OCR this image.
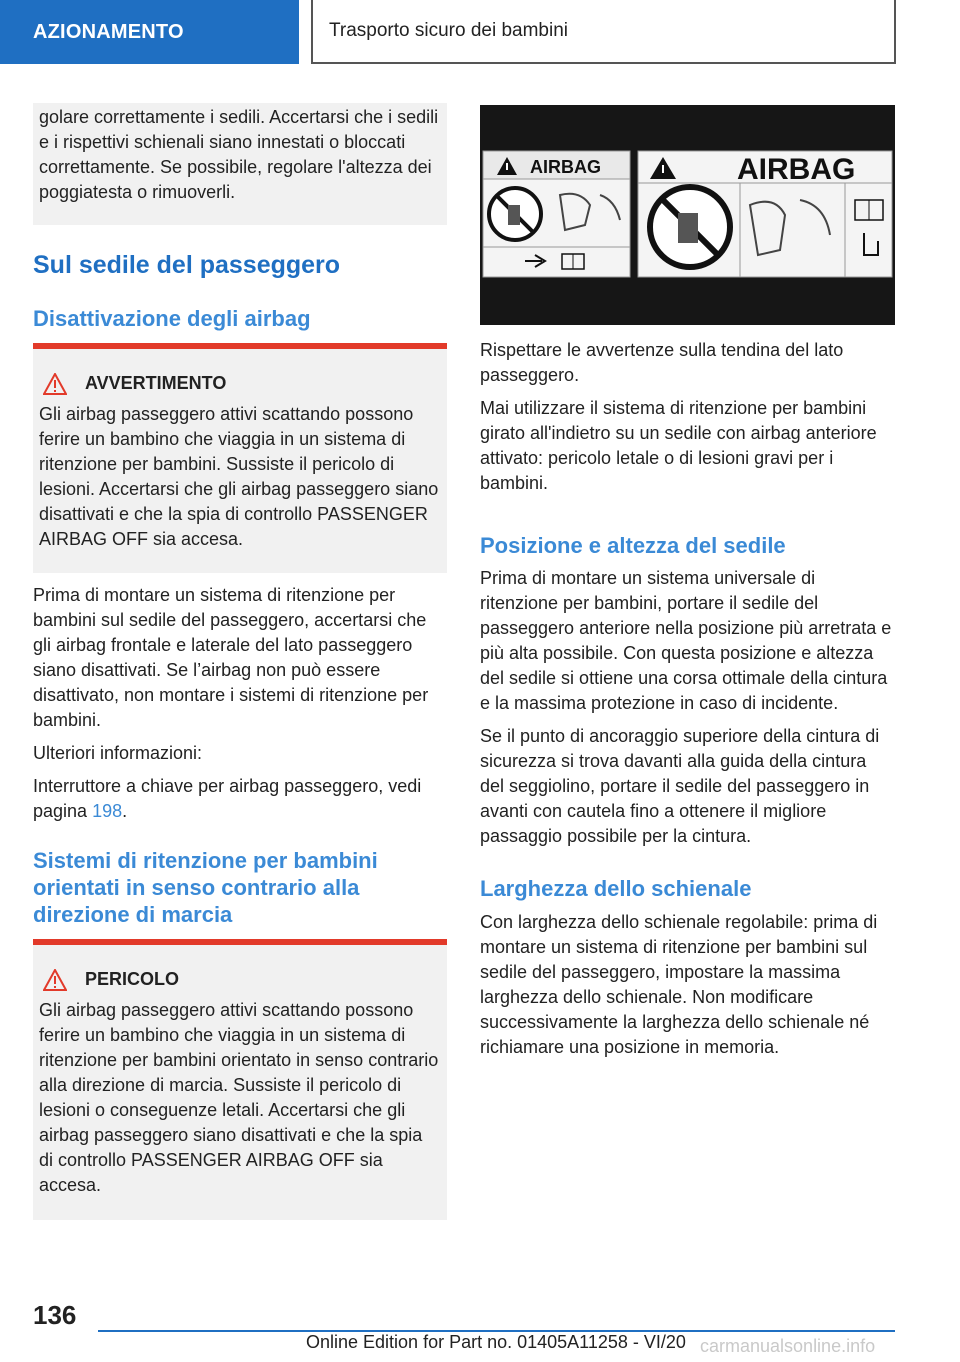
AZIONAMENTO	Trasporto sicuro dei bambini

golare correttamente i sedili. Accertarsi che i sedili e i rispettivi schienali siano innestati o bloccati correttamente. Se possibile, regolare l'altezza dei poggiatesta o rimuoverli.

Sul sedile del passeggero
Disattivazione degli airbag
AVVERTIMENTO

Gli airbag passeggero attivi scattando possono ferire un bambino che viaggia in un sistema di ritenzione per bambini. Sussiste il pericolo di lesioni. Accertarsi che gli airbag passeggero siano disattivati e che la spia di controllo PASSENGER AIRBAG OFF sia accesa.

Prima di montare un sistema di ritenzione per bambini sul sedile del passeggero, accertarsi che gli airbag frontale e laterale del lato passeggero siano disattivati. Se l’airbag non può essere disattivato, non montare i sistemi di ritenzione per bambini.

Ulteriori informazioni:

Interruttore a chiave per airbag passeggero, vedi pagina 198.

Sistemi di ritenzione per bambini orientati in senso contrario alla direzione di marcia
PERICOLO

Gli airbag passeggero attivi scattando possono ferire un bambino che viaggia in un sistema di ritenzione per bambini orientato in senso contrario alla direzione di marcia. Sussiste il pericolo di lesioni o conseguenze letali. Accertarsi che gli airbag passeggero siano disattivati e che la spia di controllo PASSENGER AIRBAG OFF sia accesa.

AIRBAG	AIRBAG

Rispettare le avvertenze sulla tendina del lato passeggero.

Mai utilizzare il sistema di ritenzione per bambini girato all'indietro su un sedile con airbag anteriore attivato: pericolo letale o di lesioni gravi per i bambini.

Posizione e altezza del sedile

Prima di montare un sistema universale di ritenzione per bambini, portare il sedile del passeggero anteriore nella posizione più arretrata e più alta possibile. Con questa posizione e altezza del sedile si ottiene una corsa ottimale della cintura e la massima protezione in caso di incidente.

Se il punto di ancoraggio superiore della cintura di sicurezza si trova davanti alla guida della cintura del seggiolino, portare il sedile del passeggero in avanti con cautela fino a ottenere il migliore passaggio possibile per la cintura.

Larghezza dello schienale

Con larghezza dello schienale regolabile: prima di montare un sistema di ritenzione per bambini sul sedile del passeggero, impostare la massima larghezza dello schienale. Non modificare successivamente la larghezza dello schienale né richiamare una posizione in memoria.

136
Online Edition for Part no. 01405A11258 - VI/20 carmanualsonline.info
